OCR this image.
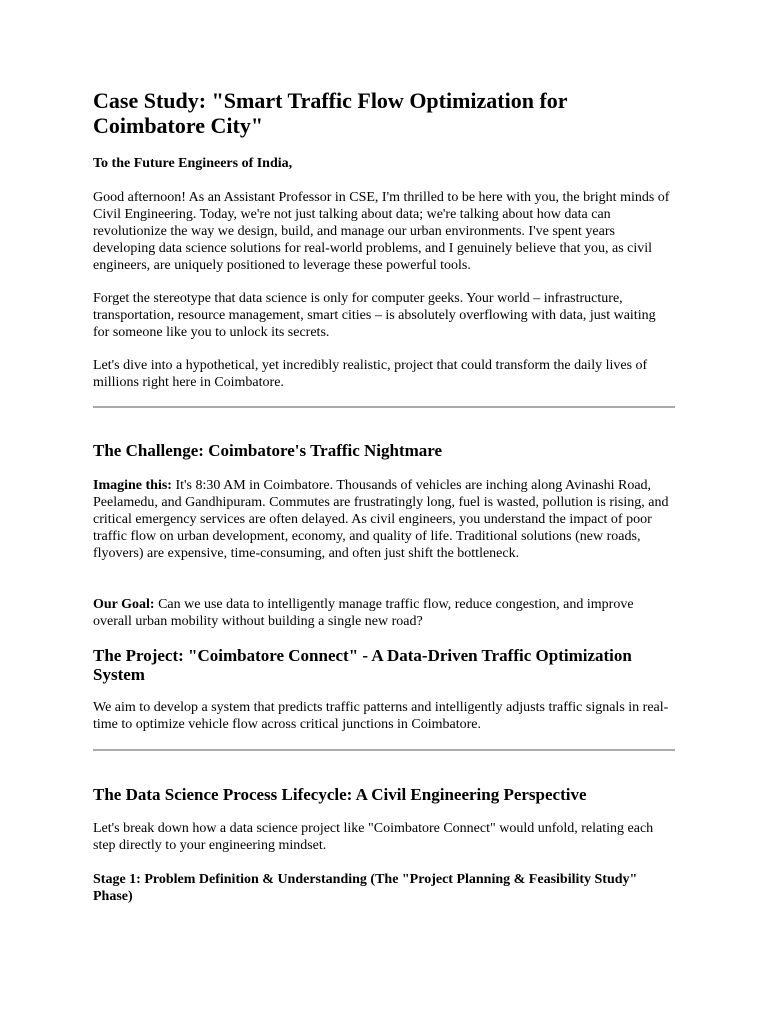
Case Study: "Smart Traffic Flow Optimization for Coimbatore City"

To the Future Engineers of India,

Good afternoon! As an Assistant Professor in CSE, I'm thrilled to be here with you, the bright minds of Civil Engineering. Today, we're not just talking about data; we're talking about how data can revolutionize the way we design, build, and manage our urban environments. I've spent years developing data science solutions for real-world problems, and I genuinely believe that you, as civil engineers, are uniquely positioned to leverage these powerful tools.

Forget the stereotype that data science is only for computer geeks. Your world – infrastructure, transportation, resource management, smart cities – is absolutely overflowing with data, just waiting for someone like you to unlock its secrets.

Let's dive into a hypothetical, yet incredibly realistic, project that could transform the daily lives of millions right here in Coimbatore.

The Challenge: Coimbatore's Traffic Nightmare

Imagine this: It's 8:30 AM in Coimbatore. Thousands of vehicles are inching along Avinashi Road, Peelamedu, and Gandhipuram. Commutes are frustratingly long, fuel is wasted, pollution is rising, and critical emergency services are often delayed. As civil engineers, you understand the impact of poor traffic flow on urban development, economy, and quality of life. Traditional solutions (new roads, flyovers) are expensive, time-consuming, and often just shift the bottleneck.

Our Goal: Can we use data to intelligently manage traffic flow, reduce congestion, and improve overall urban mobility without building a single new road?

The Project: "Coimbatore Connect" - A Data-Driven Traffic Optimization System

We aim to develop a system that predicts traffic patterns and intelligently adjusts traffic signals in real-time to optimize vehicle flow across critical junctions in Coimbatore.

The Data Science Process Lifecycle: A Civil Engineering Perspective

Let's break down how a data science project like "Coimbatore Connect" would unfold, relating each step directly to your engineering mindset.

Stage 1: Problem Definition & Understanding (The "Project Planning & Feasibility Study" Phase)
